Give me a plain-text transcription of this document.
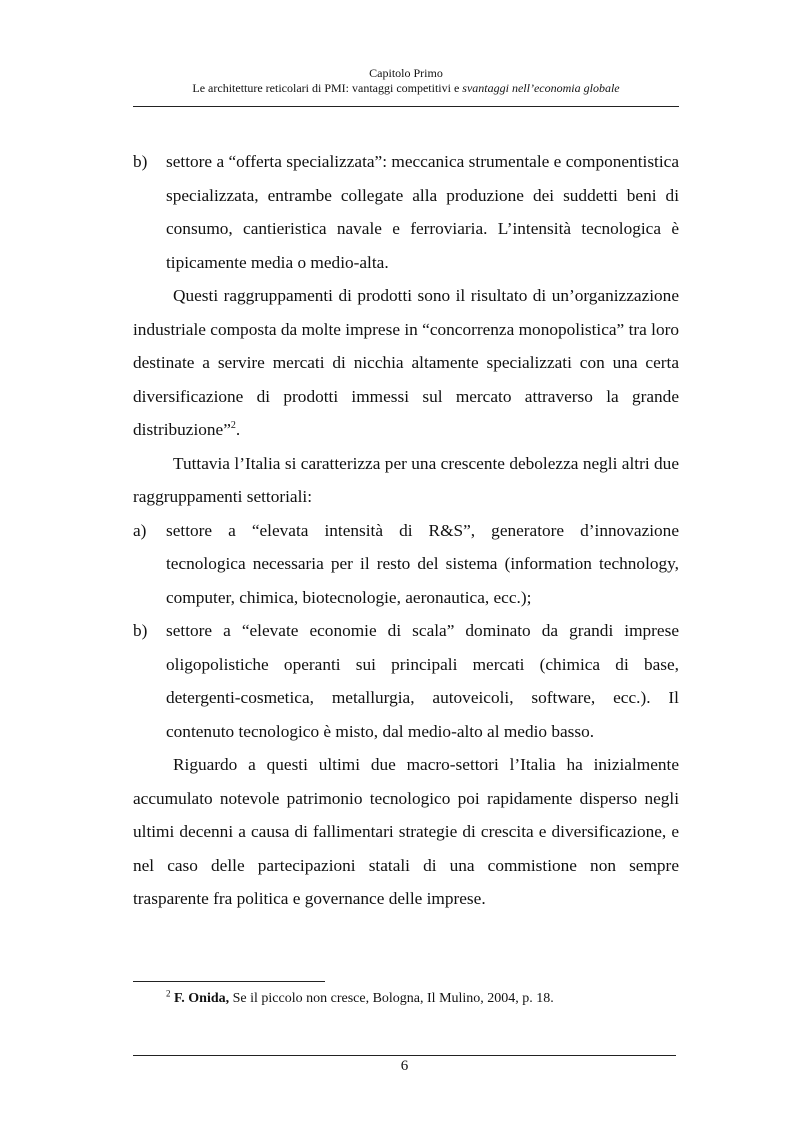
Capitolo Primo
Le architetture reticolari di PMI: vantaggi competitivi e svantaggi nell’economia globale
b) settore a “offerta specializzata”: meccanica strumentale e componentistica specializzata, entrambe collegate alla produzione dei suddetti beni di consumo, cantieristica navale e ferroviaria. L’intensità tecnologica è tipicamente media o medio-alta.

Questi raggruppamenti di prodotti sono il risultato di un’organizzazione industriale composta da molte imprese in “concorrenza monopolistica” tra loro destinate a servire mercati di nicchia altamente specializzati con una certa diversificazione di prodotti immessi sul mercato attraverso la grande distribuzione”$^2$.

Tuttavia l’Italia si caratterizza per una crescente debolezza negli altri due raggruppamenti settoriali:

a) settore a “elevata intensità di R&S”, generatore d’innovazione tecnologica necessaria per il resto del sistema (information technology, computer, chimica, biotecnologie, aeronautica, ecc.);
b) settore a “elevate economie di scala” dominato da grandi imprese oligopolistiche operanti sui principali mercati (chimica di base, detergenti-cosmetica, metallurgia, autoveicoli, software, ecc.). Il contenuto tecnologico è misto, dal medio-alto al medio basso.

Riguardo a questi ultimi due macro-settori l’Italia ha inizialmente accumulato notevole patrimonio tecnologico poi rapidamente disperso negli ultimi decenni a causa di fallimentari strategie di crescita e diversificazione, e nel caso delle partecipazioni statali di una commistione non sempre trasparente fra politica e governance delle imprese.

$^2$ F. Onida, Se il piccolo non cresce, Bologna, Il Mulino, 2004, p. 18.
6
